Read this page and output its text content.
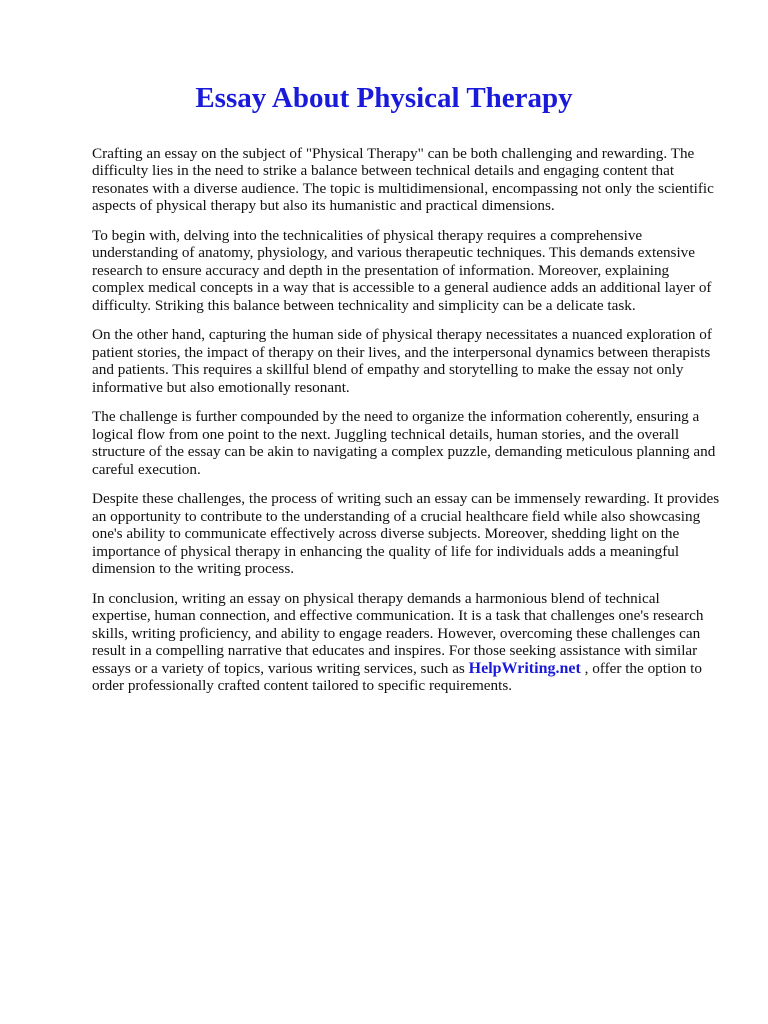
Essay About Physical Therapy

Crafting an essay on the subject of "Physical Therapy" can be both challenging and rewarding. The difficulty lies in the need to strike a balance between technical details and engaging content that resonates with a diverse audience. The topic is multidimensional, encompassing not only the scientific aspects of physical therapy but also its humanistic and practical dimensions.

To begin with, delving into the technicalities of physical therapy requires a comprehensive understanding of anatomy, physiology, and various therapeutic techniques. This demands extensive research to ensure accuracy and depth in the presentation of information. Moreover, explaining complex medical concepts in a way that is accessible to a general audience adds an additional layer of difficulty. Striking this balance between technicality and simplicity can be a delicate task.

On the other hand, capturing the human side of physical therapy necessitates a nuanced exploration of patient stories, the impact of therapy on their lives, and the interpersonal dynamics between therapists and patients. This requires a skillful blend of empathy and storytelling to make the essay not only informative but also emotionally resonant.

The challenge is further compounded by the need to organize the information coherently, ensuring a logical flow from one point to the next. Juggling technical details, human stories, and the overall structure of the essay can be akin to navigating a complex puzzle, demanding meticulous planning and careful execution.

Despite these challenges, the process of writing such an essay can be immensely rewarding. It provides an opportunity to contribute to the understanding of a crucial healthcare field while also showcasing one's ability to communicate effectively across diverse subjects. Moreover, shedding light on the importance of physical therapy in enhancing the quality of life for individuals adds a meaningful dimension to the writing process.

In conclusion, writing an essay on physical therapy demands a harmonious blend of technical expertise, human connection, and effective communication. It is a task that challenges one's research skills, writing proficiency, and ability to engage readers. However, overcoming these challenges can result in a compelling narrative that educates and inspires. For those seeking assistance with similar essays or a variety of topics, various writing services, such as HelpWriting.net , offer the option to order professionally crafted content tailored to specific requirements.
